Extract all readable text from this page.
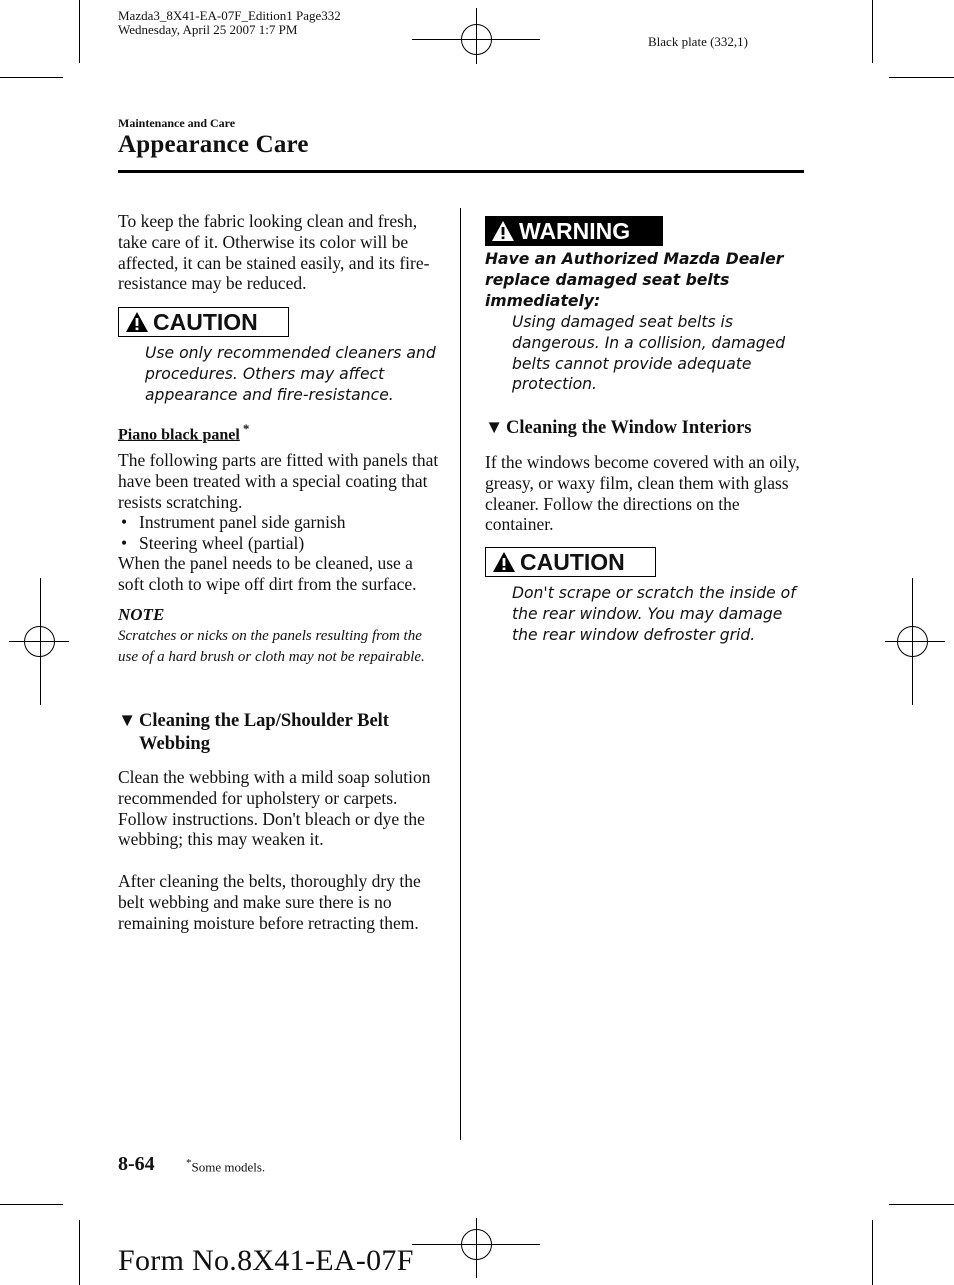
Mazda3_8X41-EA-07F_Edition1 Page332
Wednesday, April 25 2007 1:7 PM
Black plate (332,1)
Maintenance and Care
Appearance Care
To keep the fabric looking clean and fresh, take care of it. Otherwise its color will be affected, it can be stained easily, and its fire-resistance may be reduced.
CAUTION
Use only recommended cleaners and procedures. Others may affect appearance and fire-resistance.
Piano black panel *
The following parts are fitted with panels that have been treated with a special coating that resists scratching.
• Instrument panel side garnish
• Steering wheel (partial)
When the panel needs to be cleaned, use a soft cloth to wipe off dirt from the surface.
NOTE
Scratches or nicks on the panels resulting from the use of a hard brush or cloth may not be repairable.
▼ Cleaning the Lap/Shoulder Belt Webbing
Clean the webbing with a mild soap solution recommended for upholstery or carpets. Follow instructions. Don't bleach or dye the webbing; this may weaken it.
After cleaning the belts, thoroughly dry the belt webbing and make sure there is no remaining moisture before retracting them.
WARNING
Have an Authorized Mazda Dealer replace damaged seat belts immediately:
Using damaged seat belts is dangerous. In a collision, damaged belts cannot provide adequate protection.
▼ Cleaning the Window Interiors
If the windows become covered with an oily, greasy, or waxy film, clean them with glass cleaner. Follow the directions on the container.
CAUTION
Don't scrape or scratch the inside of the rear window. You may damage the rear window defroster grid.
8-64	*Some models.
Form No.8X41-EA-07F
